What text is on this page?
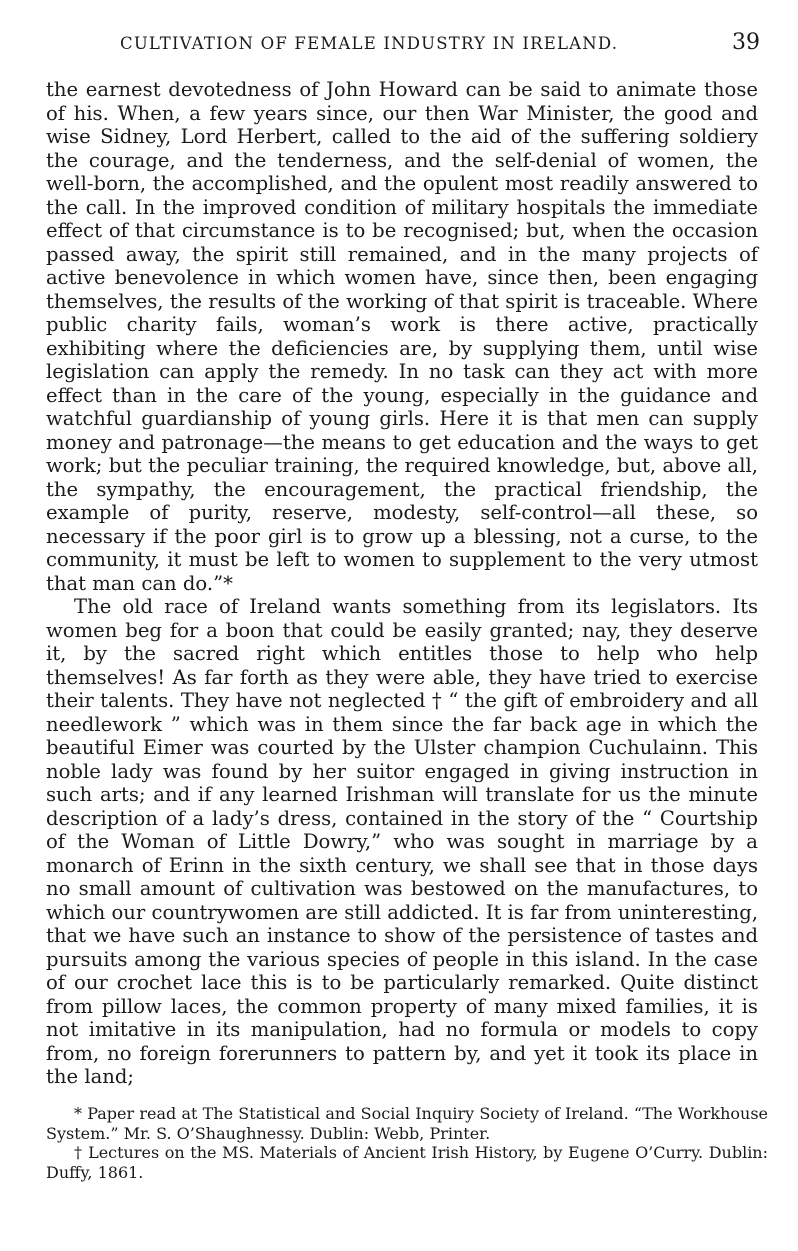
CULTIVATION OF FEMALE INDUSTRY IN IRELAND.	39

the earnest devotedness of John Howard can be said to animate those of his. When, a few years since, our then War Minister, the good and wise Sidney, Lord Herbert, called to the aid of the suffering soldiery the courage, and the tenderness, and the self-denial of women, the well-born, the accomplished, and the opulent most readily answered to the call. In the improved condition of military hospitals the immediate effect of that circumstance is to be recognised; but, when the occasion passed away, the spirit still remained, and in the many projects of active benevolence in which women have, since then, been engaging themselves, the results of the working of that spirit is traceable. Where public charity fails, woman’s work is there active, practically exhibiting where the deficiencies are, by supplying them, until wise legislation can apply the remedy. In no task can they act with more effect than in the care of the young, especially in the guidance and watchful guardianship of young girls. Here it is that men can supply money and patronage—the means to get education and the ways to get work; but the peculiar training, the required knowledge, but, above all, the sympathy, the encouragement, the practical friendship, the example of purity, reserve, modesty, self-control—all these, so necessary if the poor girl is to grow up a blessing, not a curse, to the community, it must be left to women to supplement to the very utmost that man can do.”*

The old race of Ireland wants something from its legislators. Its women beg for a boon that could be easily granted; nay, they deserve it, by the sacred right which entitles those to help who help themselves! As far forth as they were able, they have tried to exercise their talents. They have not neglected † “ the gift of embroidery and all needlework ” which was in them since the far back age in which the beautiful Eimer was courted by the Ulster champion Cuchulainn. This noble lady was found by her suitor engaged in giving instruction in such arts; and if any learned Irishman will translate for us the minute description of a lady’s dress, contained in the story of the “ Courtship of the Woman of Little Dowry,” who was sought in marriage by a monarch of Erinn in the sixth century, we shall see that in those days no small amount of cultivation was bestowed on the manufactures, to which our countrywomen are still addicted. It is far from uninteresting, that we have such an instance to show of the persistence of tastes and pursuits among the various species of people in this island. In the case of our crochet lace this is to be particularly remarked. Quite distinct from pillow laces, the common property of many mixed families, it is not imitative in its manipulation, had no formula or models to copy from, no foreign forerunners to pattern by, and yet it took its place in the land;

* Paper read at The Statistical and Social Inquiry Society of Ireland. “The Workhouse System.” Mr. S. O’Shaughnessy. Dublin: Webb, Printer.

† Lectures on the MS. Materials of Ancient Irish History, by Eugene O’Curry. Dublin: Duffy, 1861.
